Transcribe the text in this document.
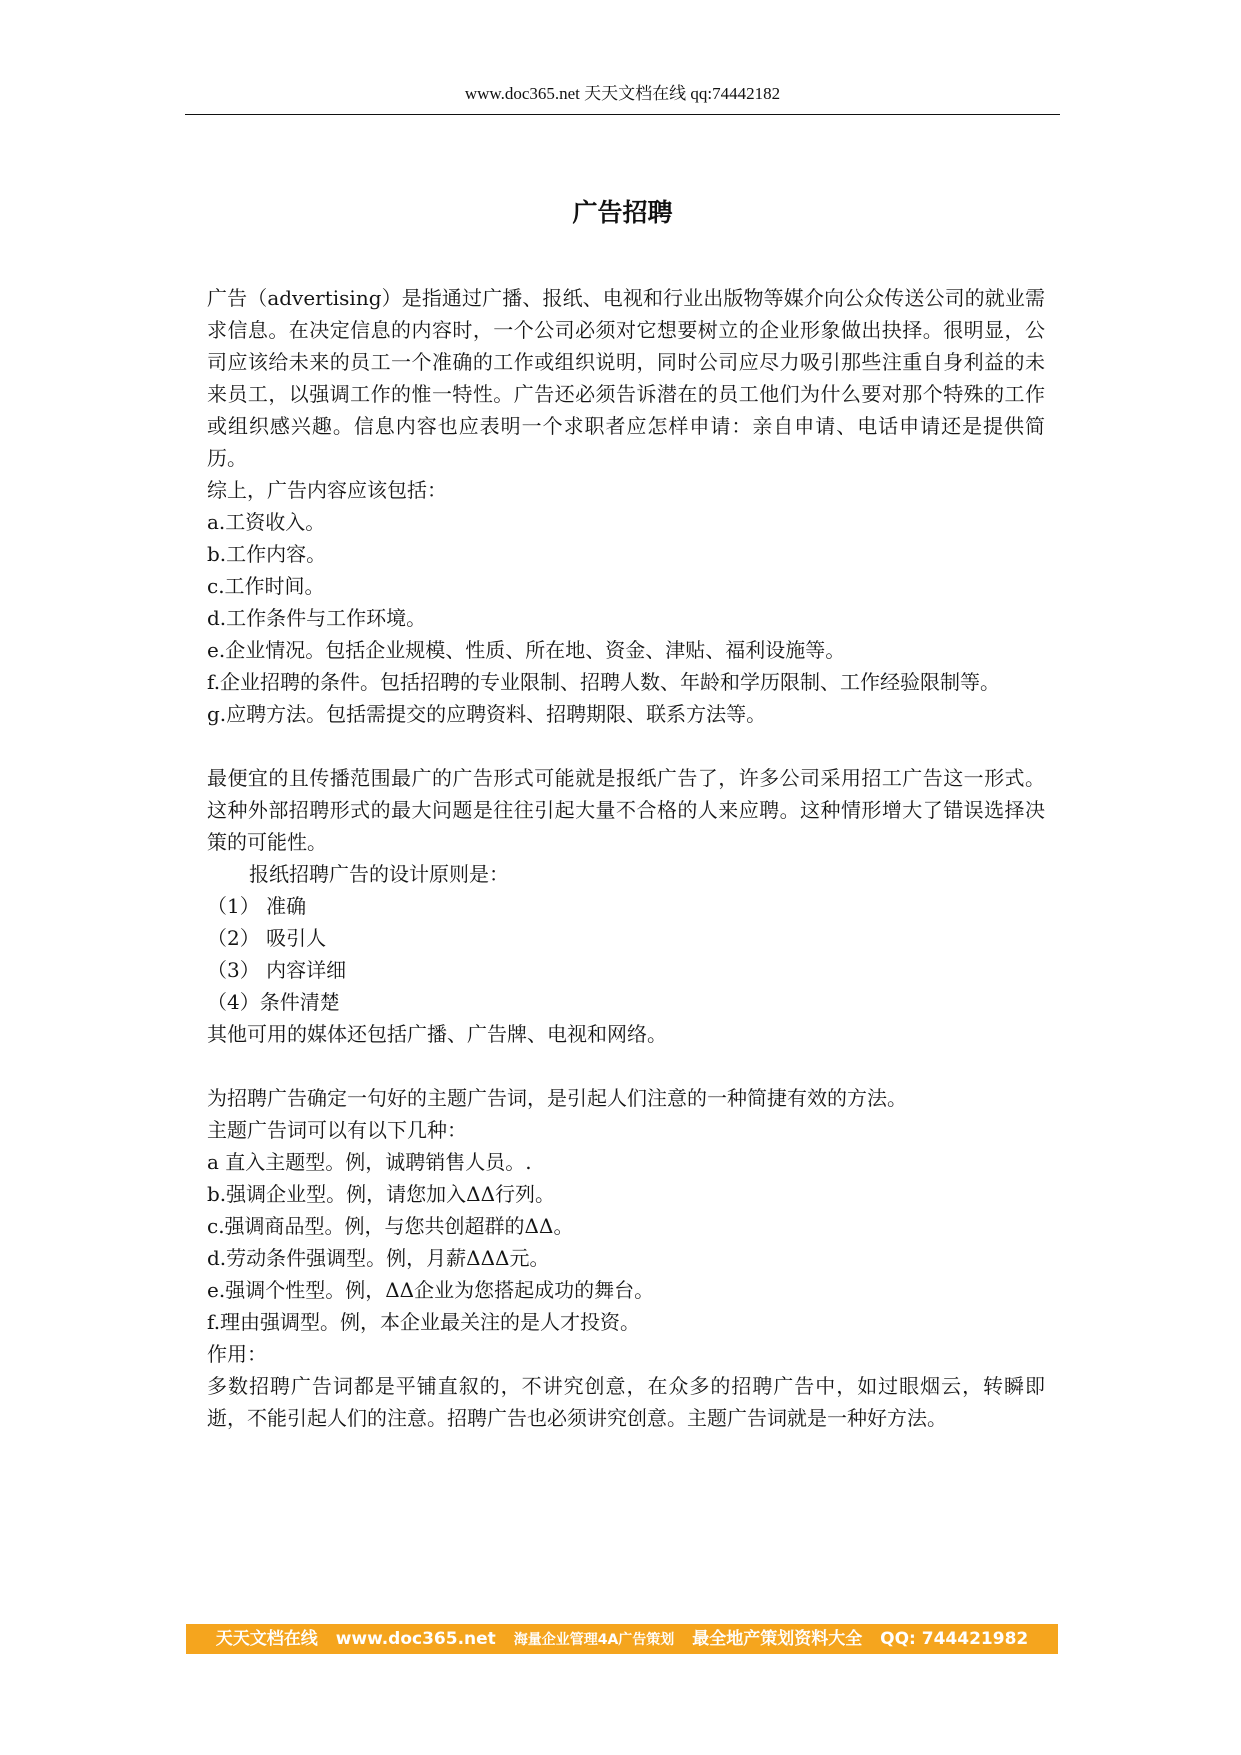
www.doc365.net 天天文档在线 qq:74442182
广告招聘

广告（advertising）是指通过广播、报纸、电视和行业出版物等媒介向公众传送公司的就业需求信息。在决定信息的内容时，一个公司必须对它想要树立的企业形象做出抉择。很明显，公司应该给未来的员工一个准确的工作或组织说明，同时公司应尽力吸引那些注重自身利益的未来员工，以强调工作的惟一特性。广告还必须告诉潜在的员工他们为什么要对那个特殊的工作或组织感兴趣。信息内容也应表明一个求职者应怎样申请：亲自申请、电话申请还是提供简历。

综上，广告内容应该包括：

a.工资收入。

b.工作内容。

c.工作时间。

d.工作条件与工作环境。

e.企业情况。包括企业规模、性质、所在地、资金、津贴、福利设施等。

f.企业招聘的条件。包括招聘的专业限制、招聘人数、年龄和学历限制、工作经验限制等。

g.应聘方法。包括需提交的应聘资料、招聘期限、联系方法等。

最便宜的且传播范围最广的广告形式可能就是报纸广告了，许多公司采用招工广告这一形式。这种外部招聘形式的最大问题是往往引起大量不合格的人来应聘。这种情形增大了错误选择决策的可能性。

报纸招聘广告的设计原则是：

（1） 准确

（2） 吸引人

（3） 内容详细

（4）条件清楚

其他可用的媒体还包括广播、广告牌、电视和网络。

为招聘广告确定一句好的主题广告词，是引起人们注意的一种简捷有效的方法。

主题广告词可以有以下几种：

a 直入主题型。例，诚聘销售人员。.

b.强调企业型。例，请您加入ΔΔ行列。

c.强调商品型。例，与您共创超群的ΔΔ。

d.劳动条件强调型。例，月薪ΔΔΔ元。

e.强调个性型。例，ΔΔ企业为您搭起成功的舞台。

f.理由强调型。例，本企业最关注的是人才投资。

作用：

多数招聘广告词都是平铺直叙的，不讲究创意，在众多的招聘广告中，如过眼烟云，转瞬即逝，不能引起人们的注意。招聘广告也必须讲究创意。主题广告词就是一种好方法。

天天文档在线 www.doc365.net 海量企业管理4A广告策划 最全地产策划资料大全 QQ: 744421982
